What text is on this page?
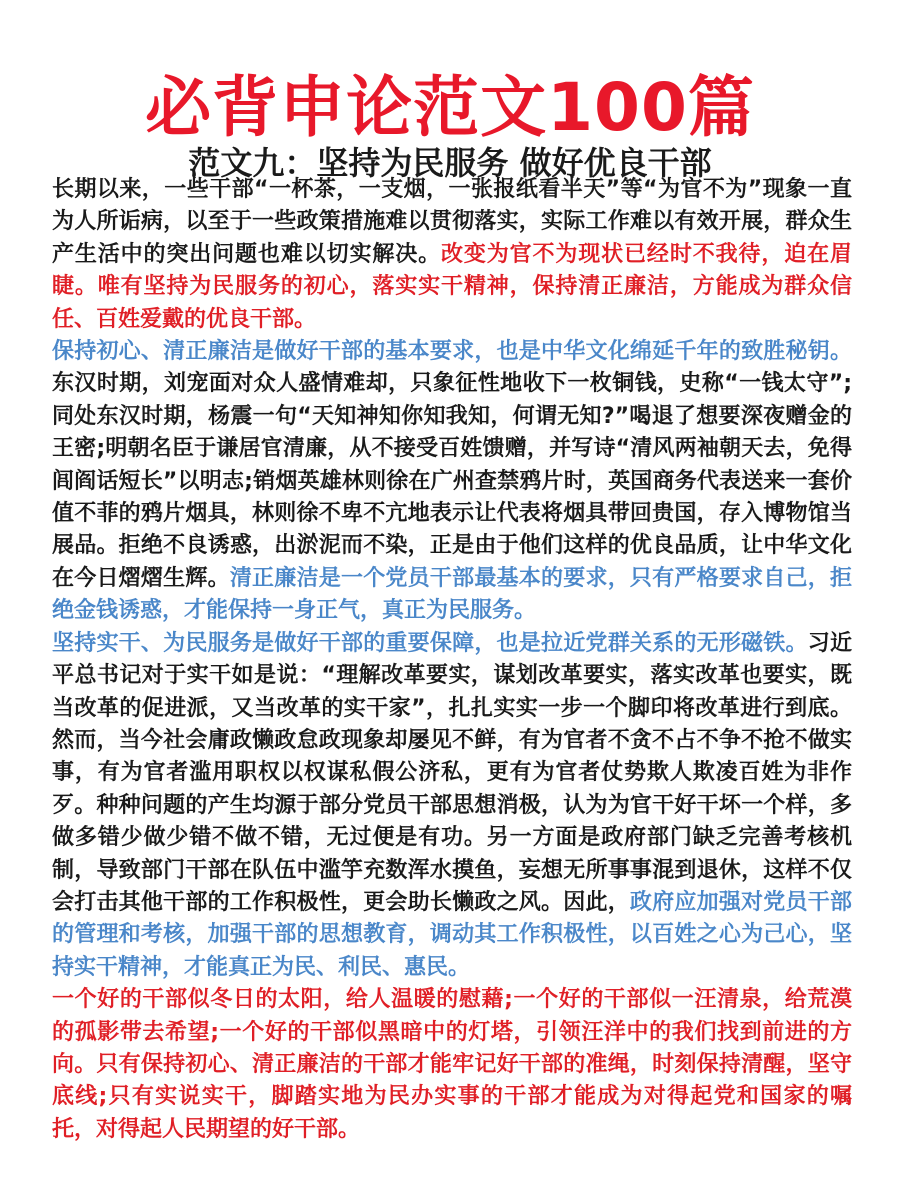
必背申论范文100篇
范文九：坚持为民服务 做好优良干部

长期以来，一些干部“一杯茶，一支烟，一张报纸看半天”等“为官不为”现象一直为人所诟病，以至于一些政策措施难以贯彻落实，实际工作难以有效开展，群众生产生活中的突出问题也难以切实解决。改变为官不为现状已经时不我待，迫在眉睫。唯有坚持为民服务的初心，落实实干精神，保持清正廉洁，方能成为群众信任、百姓爱戴的优良干部。

保持初心、清正廉洁是做好干部的基本要求，也是中华文化绵延千年的致胜秘钥。东汉时期，刘宠面对众人盛情难却，只象征性地收下一枚铜钱，史称“一钱太守”;同处东汉时期，杨震一句“天知神知你知我知，何谓无知?”喝退了想要深夜赠金的王密;明朝名臣于谦居官清廉，从不接受百姓馈赠，并写诗“清风两袖朝天去，免得闾阎话短长”以明志;销烟英雄林则徐在广州查禁鸦片时，英国商务代表送来一套价值不菲的鸦片烟具，林则徐不卑不亢地表示让代表将烟具带回贵国，存入博物馆当展品。拒绝不良诱惑，出淤泥而不染，正是由于他们这样的优良品质，让中华文化在今日熠熠生辉。清正廉洁是一个党员干部最基本的要求，只有严格要求自己，拒绝金钱诱惑，才能保持一身正气，真正为民服务。

坚持实干、为民服务是做好干部的重要保障，也是拉近党群关系的无形磁铁。习近平总书记对于实干如是说：“理解改革要实，谋划改革要实，落实改革也要实，既当改革的促进派，又当改革的实干家”，扎扎实实一步一个脚印将改革进行到底。然而，当今社会庸政懒政怠政现象却屡见不鲜，有为官者不贪不占不争不抢不做实事，有为官者滥用职权以权谋私假公济私，更有为官者仗势欺人欺凌百姓为非作歹。种种问题的产生均源于部分党员干部思想消极，认为为官干好干坏一个样，多做多错少做少错不做不错，无过便是有功。另一方面是政府部门缺乏完善考核机制，导致部门干部在队伍中滥竽充数浑水摸鱼，妄想无所事事混到退休，这样不仅会打击其他干部的工作积极性，更会助长懒政之风。因此，政府应加强对党员干部的管理和考核，加强干部的思想教育，调动其工作积极性，以百姓之心为己心，坚持实干精神，才能真正为民、利民、惠民。

一个好的干部似冬日的太阳，给人温暖的慰藉;一个好的干部似一汪清泉，给荒漠的孤影带去希望;一个好的干部似黑暗中的灯塔，引领汪洋中的我们找到前进的方向。只有保持初心、清正廉洁的干部才能牢记好干部的准绳，时刻保持清醒，坚守底线;只有实说实干，脚踏实地为民办实事的干部才能成为对得起党和国家的嘱托，对得起人民期望的好干部。
